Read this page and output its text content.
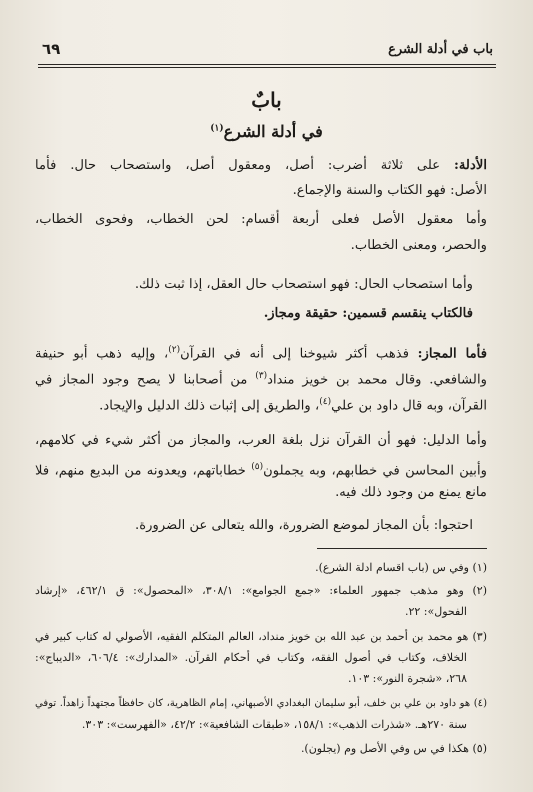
باب في أدلة الشرع
٦٩
بابٌ
في أدلة الشرع$^{(١)}$
الأدلة: على ثلاثة أضرب: أصل، ومعقول أصل، واستصحاب حال. فأما
الأصل: فهو الكتاب والسنة والإجماع.
وأما معقول الأصل فعلى أربعة أقسام: لحن الخطاب، وفحوى الخطاب،
والحصر، ومعنى الخطاب.
وأما استصحاب الحال: فهو استصحاب حال العقل، إذا ثبت ذلك.
فالكتاب ينقسم قسمين: حقيقة ومجاز.
فأما المجاز: فذهب أكثر شيوخنا إلى أنه في القرآن$^{(٢)}$، وإليه ذهب أبو حنيفة
والشافعي. وقال محمد بن خويز منداد$^{(٣)}$ من أصحابنا لا يصح وجود المجاز في
القرآن، وبه قال داود بن علي$^{(٤)}$، والطريق إلى إثبات ذلك الدليل والإيجاد.
وأما الدليل: فهو أن القرآن نزل بلغة العرب، والمجاز من أكثر شيء في كلامهم،
وأبين المحاسن في خطابهم، وبه يجملون$^{(٥)}$ خطاباتهم، ويعدونه من البديع منهم، فلا
مانع يمنع من وجود ذلك فيه.
احتجوا: بأن المجاز لموضع الضرورة، والله يتعالى عن الضرورة.
(١) وفي س (باب اقسام ادلة الشرع).
(٢) وهو مذهب جمهور العلماء: «جمع الجوامع»: ٣٠٨/١، «المحصول»: ق ٤٦٢/١، «إرشاد
الفحول»: ٢٢.
(٣) هو محمد بن أحمد بن عبد الله بن خويز منداد، العالم المتكلم الفقيه، الأصولي له كتاب كبير في
الخلاف، وكتاب في أصول الفقه، وكتاب في أحكام القرآن. «المدارك»: ٦٠٦/٤، «الديباج»:
٢٦٨، «شجرة النور»: ١٠٣.
(٤) هو داود بن علي بن خلف، أبو سليمان البغدادي الأصبهاني، إمام الظاهرية، كان حافظاً مجتهداً زاهداً. توفي
سنة ٢٧٠هـ. «شذرات الذهب»: ١٥٨/١، «طبقات الشافعية»: ٤٢/٢، «الفهرست»: ٣٠٣.
(٥) هكذا في س وفي الأصل وم (يجلون).
